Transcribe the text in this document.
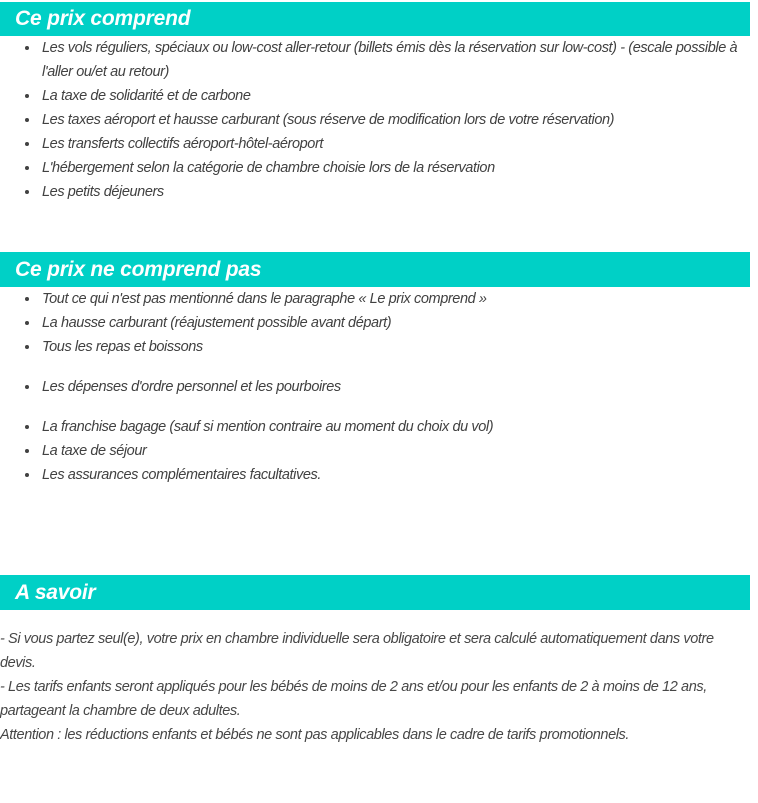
Ce prix comprend
• Les vols réguliers, spéciaux ou low-cost aller-retour (billets émis dès la réservation sur low-cost) - (escale possible à l'aller ou/et au retour)
• La taxe de solidarité et de carbone
• Les taxes aéroport et hausse carburant (sous réserve de modification lors de votre réservation)
• Les transferts collectifs aéroport-hôtel-aéroport
• L'hébergement selon la catégorie de chambre choisie lors de la réservation
• Les petits déjeuners
Ce prix ne comprend pas
• Tout ce qui n'est pas mentionné dans le paragraphe « Le prix comprend »
• La hausse carburant (réajustement possible avant départ)
• Tous les repas et boissons
• Les dépenses d'ordre personnel et les pourboires
• La franchise bagage (sauf si mention contraire au moment du choix du vol)
• La taxe de séjour
• Les assurances complémentaires facultatives.
A savoir

- Si vous partez seul(e), votre prix en chambre individuelle sera obligatoire et sera calculé automatiquement dans votre devis.

- Les tarifs enfants seront appliqués pour les bébés de moins de 2 ans et/ou pour les enfants de 2 à moins de 12 ans, partageant la chambre de deux adultes.

Attention : les réductions enfants et bébés ne sont pas applicables dans le cadre de tarifs promotionnels.
